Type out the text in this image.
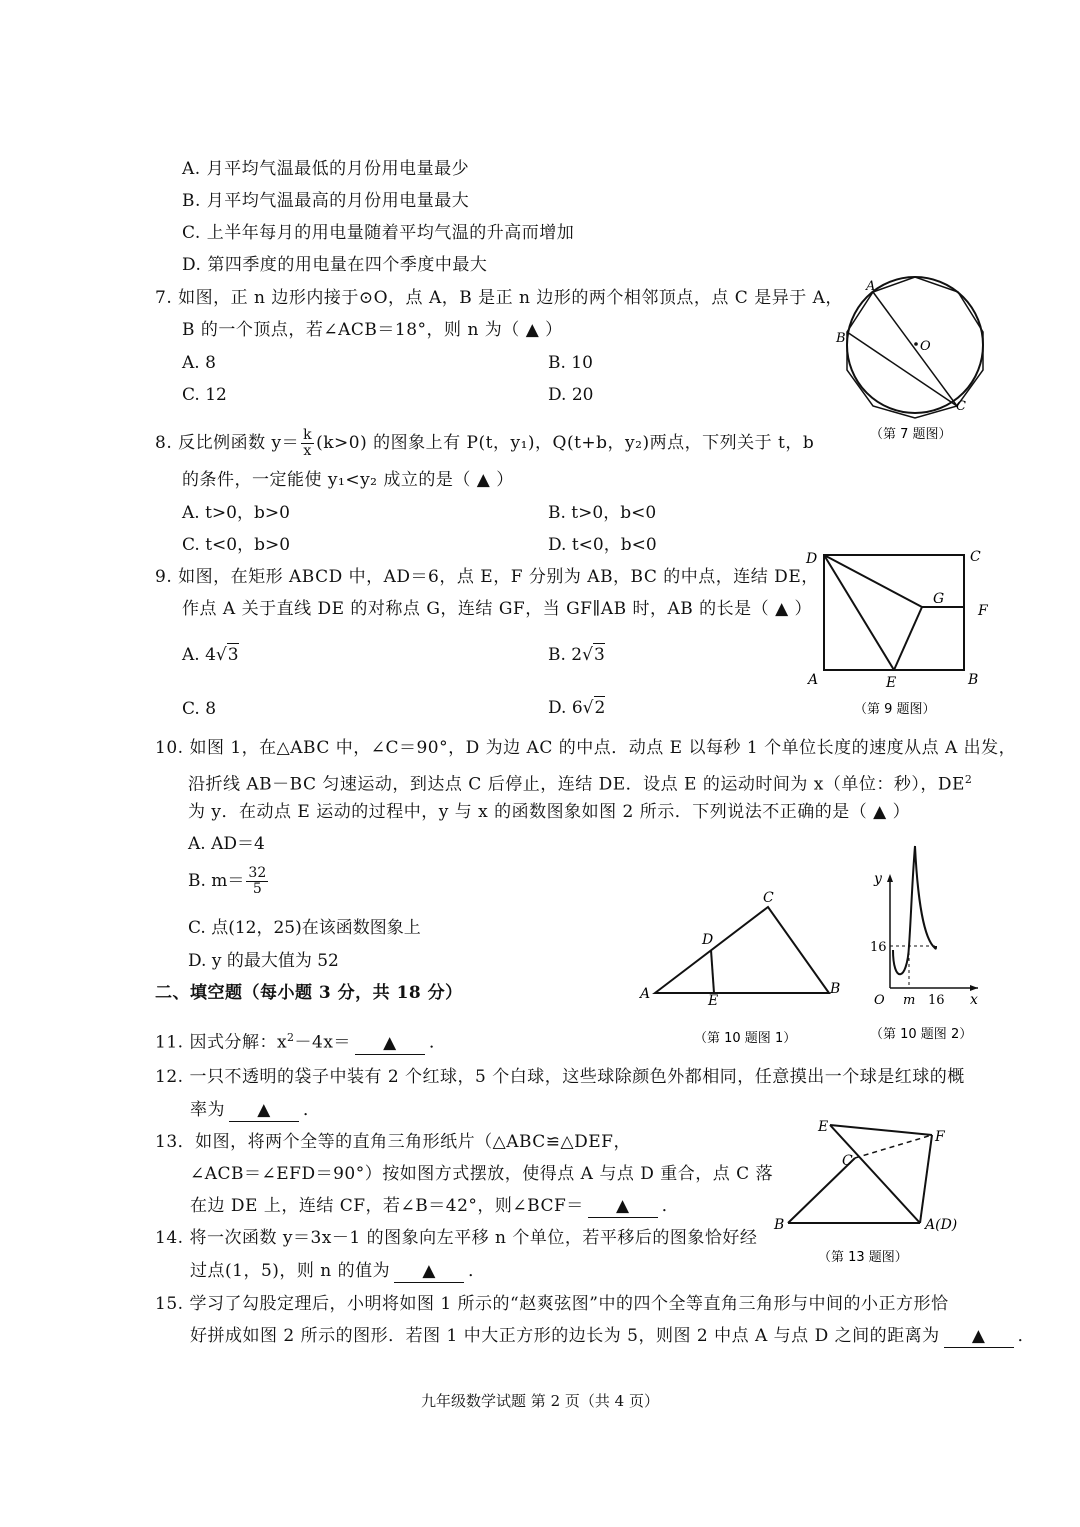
A. 月平均气温最低的月份用电量最少
B. 月平均气温最高的月份用电量最大
C. 上半年每月的用电量随着平均气温的升高而增加
D. 第四季度的用电量在四个季度中最大
7. 如图，正 n 边形内接于⊙O，点 A，B 是正 n 边形的两个相邻顶点，点 C 是异于 A，
B 的一个顶点，若∠ACB＝18°，则 n 为（ ▲ ）
A. 8	B. 10
C. 12	D. 20
A
B
C
O
（第 7 题图）
8. 反比例函数 $y= \frac{k}{x} (k>0)$ 的图象上有 P(t，y₁)，Q(t+b，y₂)两点，下列关于 t，b
的条件，一定能使 y₁<y₂ 成立的是（ ▲ ）
A. t>0，b>0	B. t>0，b<0
C. t<0，b>0	D. t<0，b<0
9. 如图，在矩形 ABCD 中，AD＝6，点 E，F 分别为 AB，BC 的中点，连结 DE，
作点 A 关于直线 DE 的对称点 G，连结 GF，当 GF∥AB 时，AB 的长是（ ▲ ）
A. 4√3	B. 2√3
C. 8	D. 6√2
D	C
G
F
A	E	B
（第 9 题图）
10. 如图 1，在△ABC 中，∠C＝90°，D 为边 AC 的中点．动点 E 以每秒 1 个单位长度的速度从点 A 出发，
沿折线 AB－BC 匀速运动，到达点 C 后停止，连结 DE．设点 E 的运动时间为 x（单位：秒），$DE^2$
为 y．在动点 E 运动的过程中，y 与 x 的函数图象如图 2 所示．下列说法不正确的是（ ▲ ）
A. AD＝4
B. $m= \frac{32}{5}$
C. 点(12，25)在该函数图象上
D. y 的最大值为 52
A
C
D
E
B
（第 10 题图 1）
y
16
O m 16 x
（第 10 题图 2）
二、填空题（每小题 3 分，共 18 分）
11. 因式分解：$x^2-4x=$ ▲ ．
12. 一只不透明的袋子中装有 2 个红球，5 个白球，这些球除颜色外都相同，任意摸出一个球是红球的概
率为 ▲ ．
13．如图，将两个全等的直角三角形纸片（△ABC≌△DEF，
∠ACB＝∠EFD＝90°）按如图方式摆放，使得点 A 与点 D 重合，点 C 落
在边 DE 上，连结 CF，若∠B＝42°，则∠BCF＝ ▲ ．
E
F
C
B	A(D)
（第 13 题图）
14. 将一次函数 y＝3x－1 的图象向左平移 n 个单位，若平移后的图象恰好经
过点(1，5)，则 n 的值为 ▲ ．
15. 学习了勾股定理后，小明将如图 1 所示的“赵爽弦图”中的四个全等直角三角形与中间的小正方形恰
好拼成如图 2 所示的图形．若图 1 中大正方形的边长为 5，则图 2 中点 A 与点 D 之间的距离为 ▲ ．
九年级数学试题 第 2 页（共 4 页）
